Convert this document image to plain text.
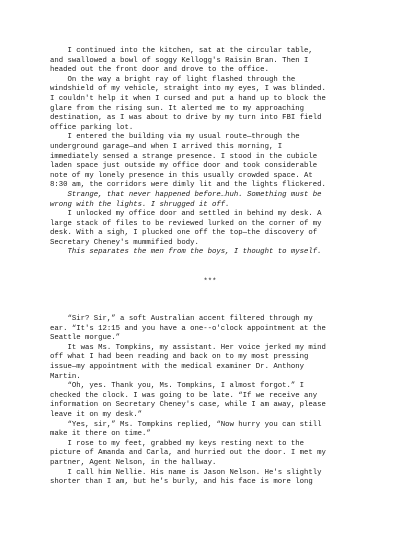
I continued into the kitchen, sat at the circular table,
and swallowed a bowl of soggy Kellogg's Raisin Bran. Then I
headed out the front door and drove to the office.
On the way a bright ray of light flashed through the
windshield of my vehicle, straight into my eyes, I was blinded.
I couldn't help it when I cursed and put a hand up to block the
glare from the rising sun. It alerted me to my approaching
destination, as I was about to drive by my turn into FBI field
office parking lot.
I entered the building via my usual route—through the
underground garage—and when I arrived this morning, I
immediately sensed a strange presence. I stood in the cubicle
laden space just outside my office door and took considerable
note of my lonely presence in this usually crowded space. At
8:30 am, the corridors were dimly lit and the lights flickered.
Strange, that never happened before…huh. Something must be
wrong with the lights. I shrugged it off.
I unlocked my office door and settled in behind my desk. A
large stack of files to be reviewed lurked on the corner of my
desk. With a sigh, I plucked one off the top—the discovery of
Secretary Cheney's mummified body.
This separates the men from the boys, I thought to myself.
***
“Sir? Sir,” a soft Australian accent filtered through my
ear. “It's 12:15 and you have a one--o'clock appointment at the
Seattle morgue.”
It was Ms. Tompkins, my assistant. Her voice jerked my mind
off what I had been reading and back on to my most pressing
issue—my appointment with the medical examiner Dr. Anthony
Martin.
“Oh, yes. Thank you, Ms. Tompkins, I almost forgot.” I
checked the clock. I was going to be late. “If we receive any
information on Secretary Cheney's case, while I am away, please
leave it on my desk.”
“Yes, sir,” Ms. Tompkins replied, “Now hurry you can still
make it there on time.”
I rose to my feet, grabbed my keys resting next to the
picture of Amanda and Carla, and hurried out the door. I met my
partner, Agent Nelson, in the hallway.
I call him Nellie. His name is Jason Nelson. He's slightly
shorter than I am, but he's burly, and his face is more long
